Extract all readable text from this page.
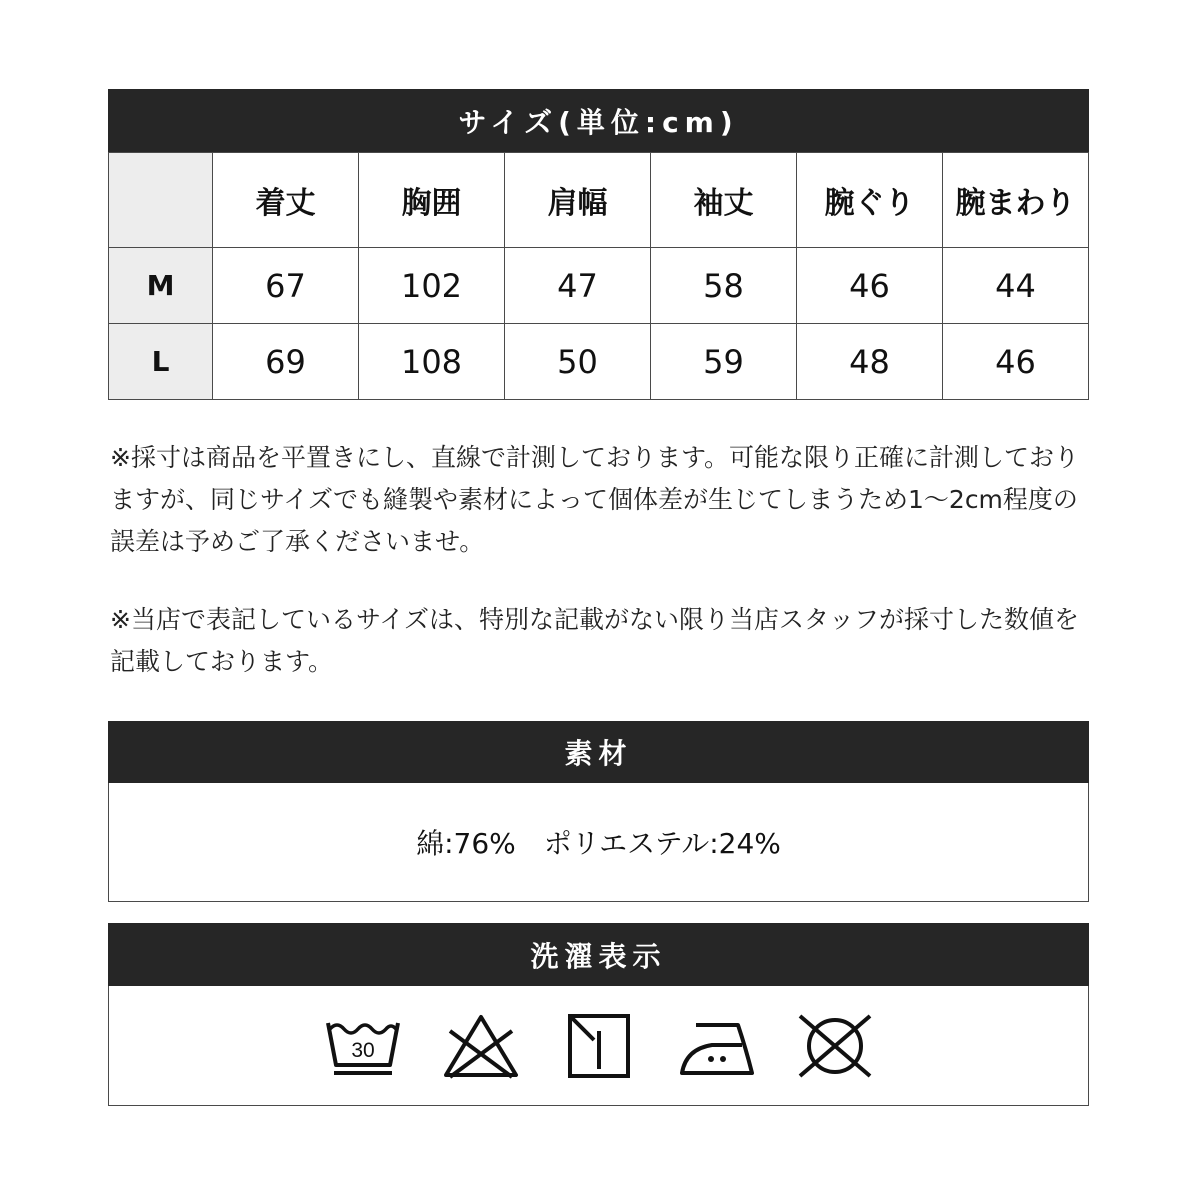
サイズ(単位:cm)
	着丈	胸囲	肩幅	袖丈	腕ぐり	腕まわり
M	67	102	47	58	46	44
L	69	108	50	59	48	46
※採寸は商品を平置きにし、直線で計測しております。可能な限り正確に計測しておりますが、同じサイズでも縫製や素材によって個体差が生じてしまうため1～2cm程度の誤差は予めご了承くださいませ。
※当店で表記しているサイズは、特別な記載がない限り当店スタッフが採寸した数値を記載しております。
素材
綿:76%　ポリエステル:24%
洗濯表示
30
